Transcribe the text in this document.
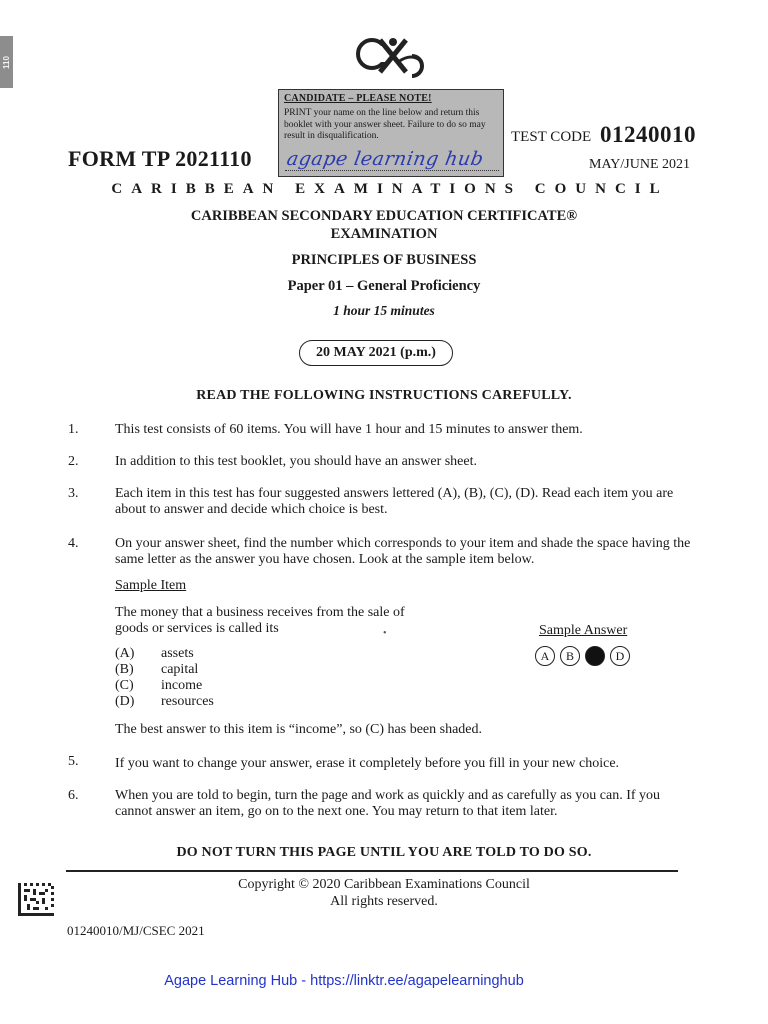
110
CANDIDATE – PLEASE NOTE!
PRINT your name on the line below and return this booklet with your answer sheet. Failure to do so may result in disqualification.
agape learning hub
FORM TP 2021110
TEST CODE 01240010
MAY/JUNE 2021
CARIBBEAN EXAMINATIONS COUNCIL
CARIBBEAN SECONDARY EDUCATION CERTIFICATE®
EXAMINATION
PRINCIPLES OF BUSINESS
Paper 01 – General Proficiency
1 hour 15 minutes
20 MAY 2021 (p.m.)
READ THE FOLLOWING INSTRUCTIONS CAREFULLY.
1.	This test consists of 60 items. You will have 1 hour and 15 minutes to answer them.
2.	In addition to this test booklet, you should have an answer sheet.
3.	Each item in this test has four suggested answers lettered (A), (B), (C), (D). Read each item you are about to answer and decide which choice is best.
4.	On your answer sheet, find the number which corresponds to your item and shade the space having the same letter as the answer you have chosen. Look at the sample item below.
Sample Item
The money that a business receives from the sale of goods or services is called its	•
(A) assets
(B) capital
(C) income
(D) resources
Sample Answer
A	B	C	D
The best answer to this item is “income”, so (C) has been shaded.
5.	If you want to change your answer, erase it completely before you fill in your new choice.
6.	When you are told to begin, turn the page and work as quickly and as carefully as you can. If you cannot answer an item, go on to the next one. You may return to that item later.
DO NOT TURN THIS PAGE UNTIL YOU ARE TOLD TO DO SO.
Copyright © 2020 Caribbean Examinations Council
All rights reserved.
01240010/MJ/CSEC 2021
Agape Learning Hub - https://linktr.ee/agapelearninghub
